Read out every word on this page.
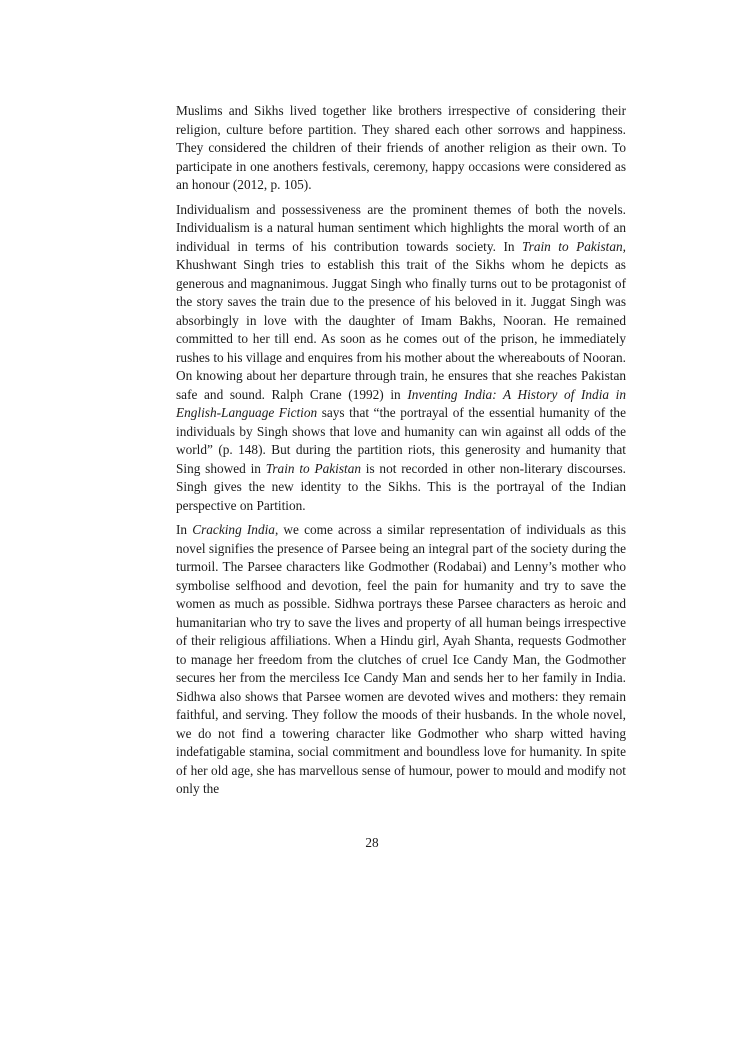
Muslims and Sikhs lived together like brothers irrespective of considering their religion, culture before partition. They shared each other sorrows and happiness. They considered the children of their friends of another religion as their own. To participate in one anothers festivals, ceremony, happy occasions were considered as an honour (2012, p. 105).

Individualism and possessiveness are the prominent themes of both the novels. Individualism is a natural human sentiment which highlights the moral worth of an individual in terms of his contribution towards society. In Train to Pakistan, Khushwant Singh tries to establish this trait of the Sikhs whom he depicts as generous and magnanimous. Juggat Singh who finally turns out to be protagonist of the story saves the train due to the presence of his beloved in it. Juggat Singh was absorbingly in love with the daughter of Imam Bakhs, Nooran. He remained committed to her till end. As soon as he comes out of the prison, he immediately rushes to his village and enquires from his mother about the whereabouts of Nooran. On knowing about her departure through train, he ensures that she reaches Pakistan safe and sound. Ralph Crane (1992) in Inventing India: A History of India in English-Language Fiction says that “the portrayal of the essential humanity of the individuals by Singh shows that love and humanity can win against all odds of the world” (p. 148). But during the partition riots, this generosity and humanity that Sing showed in Train to Pakistan is not recorded in other non-literary discourses. Singh gives the new identity to the Sikhs. This is the portrayal of the Indian perspective on Partition.

In Cracking India, we come across a similar representation of individuals as this novel signifies the presence of Parsee being an integral part of the society during the turmoil. The Parsee characters like Godmother (Rodabai) and Lenny’s mother who symbolise selfhood and devotion, feel the pain for humanity and try to save the women as much as possible. Sidhwa portrays these Parsee characters as heroic and humanitarian who try to save the lives and property of all human beings irrespective of their religious affiliations. When a Hindu girl, Ayah Shanta, requests Godmother to manage her freedom from the clutches of cruel Ice Candy Man, the Godmother secures her from the merciless Ice Candy Man and sends her to her family in India. Sidhwa also shows that Parsee women are devoted wives and mothers: they remain faithful, and serving. They follow the moods of their husbands. In the whole novel, we do not find a towering character like Godmother who sharp witted having indefatigable stamina, social commitment and boundless love for humanity. In spite of her old age, she has marvellous sense of humour, power to mould and modify not only the

28
